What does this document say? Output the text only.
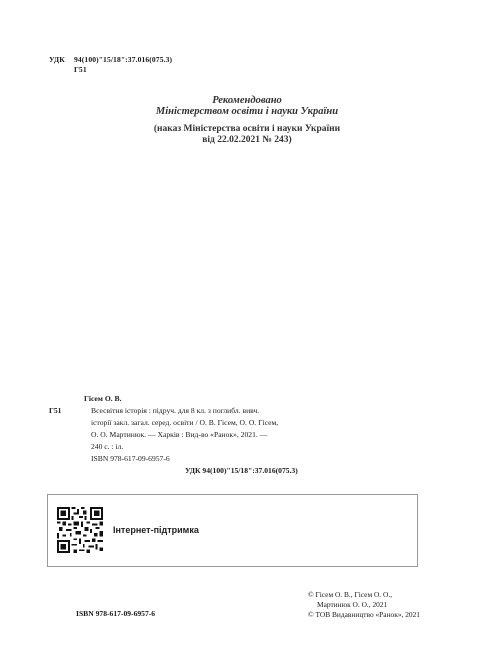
УДК 94(100)"15/18":37.016(075.3)
Г51
Рекомендовано
Міністерством освіти і науки України
(наказ Міністерства освіти і науки України
від 22.02.2021 № 243)
Гісем О. В.
Г51	Всесвітня історія : підруч. для 8 кл. з поглибл. вивч.
історії закл. загал. серед. освіти / О. В. Гісем, О. О. Гісем,
О. О. Мартинюк. — Харків : Вид-во «Ранок», 2021. —
240 с. : іл.
ISBN 978-617-09-6957-6
УДК 94(100)"15/18":37.016(075.3)
Інтернет-підтримка
ISBN 978-617-09-6957-6
© Гісем О. В., Гісем О. О.,
Мартинюк О. О., 2021
© ТОВ Видавництво «Ранок», 2021
